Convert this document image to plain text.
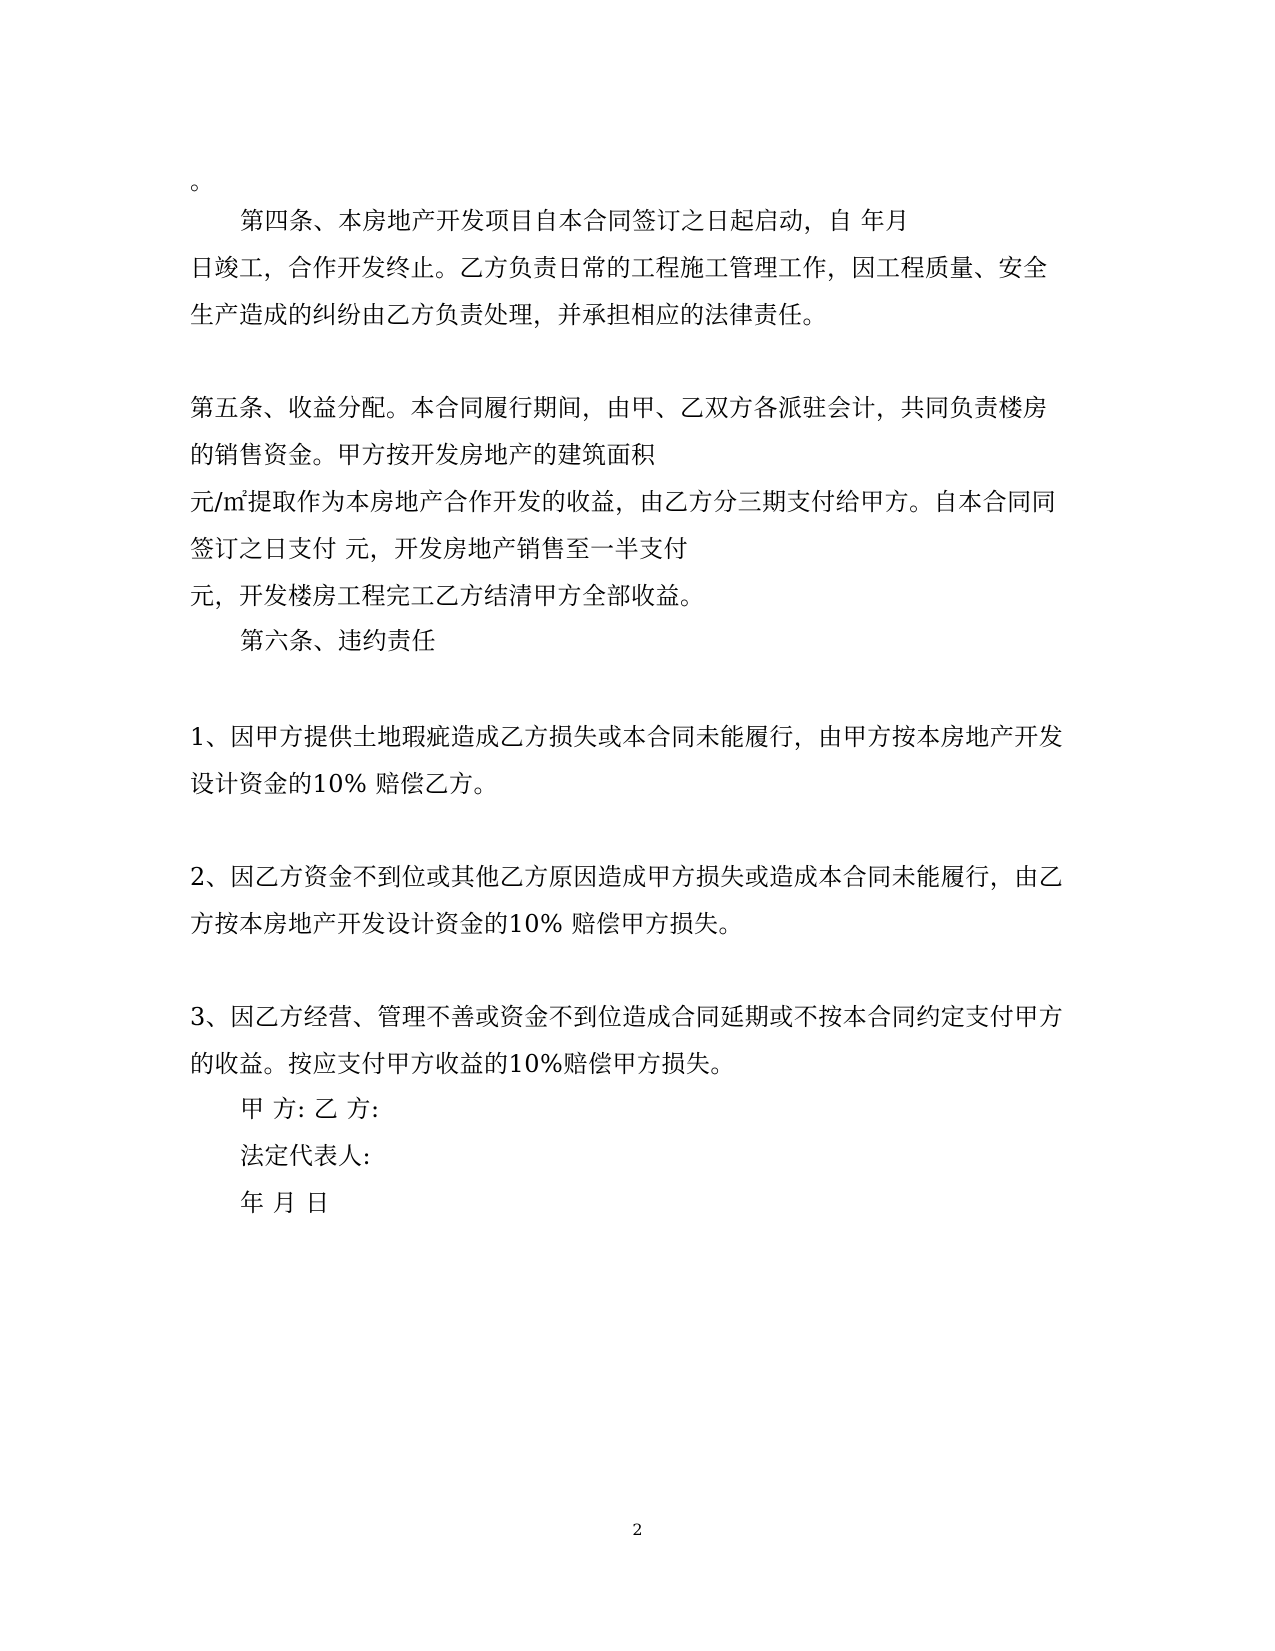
。
第四条、本房地产开发项目自本合同签订之日起启动，自 年月
日竣工，合作开发终止。乙方负责日常的工程施工管理工作，因工程质量、安全
生产造成的纠纷由乙方负责处理，并承担相应的法律责任。
第五条、收益分配。本合同履行期间，由甲、乙双方各派驻会计，共同负责楼房
的销售资金。甲方按开发房地产的建筑面积
元/㎡提取作为本房地产合作开发的收益，由乙方分三期支付给甲方。自本合同同
签订之日支付 元，开发房地产销售至一半支付
元，开发楼房工程完工乙方结清甲方全部收益。
第六条、违约责任
1、因甲方提供土地瑕疵造成乙方损失或本合同未能履行，由甲方按本房地产开发
设计资金的10% 赔偿乙方。
2、因乙方资金不到位或其他乙方原因造成甲方损失或造成本合同未能履行，由乙
方按本房地产开发设计资金的10% 赔偿甲方损失。
3、因乙方经营、管理不善或资金不到位造成合同延期或不按本合同约定支付甲方
的收益。按应支付甲方收益的10%赔偿甲方损失。
甲 方: 乙 方:
法定代表人:
年 月 日
2
